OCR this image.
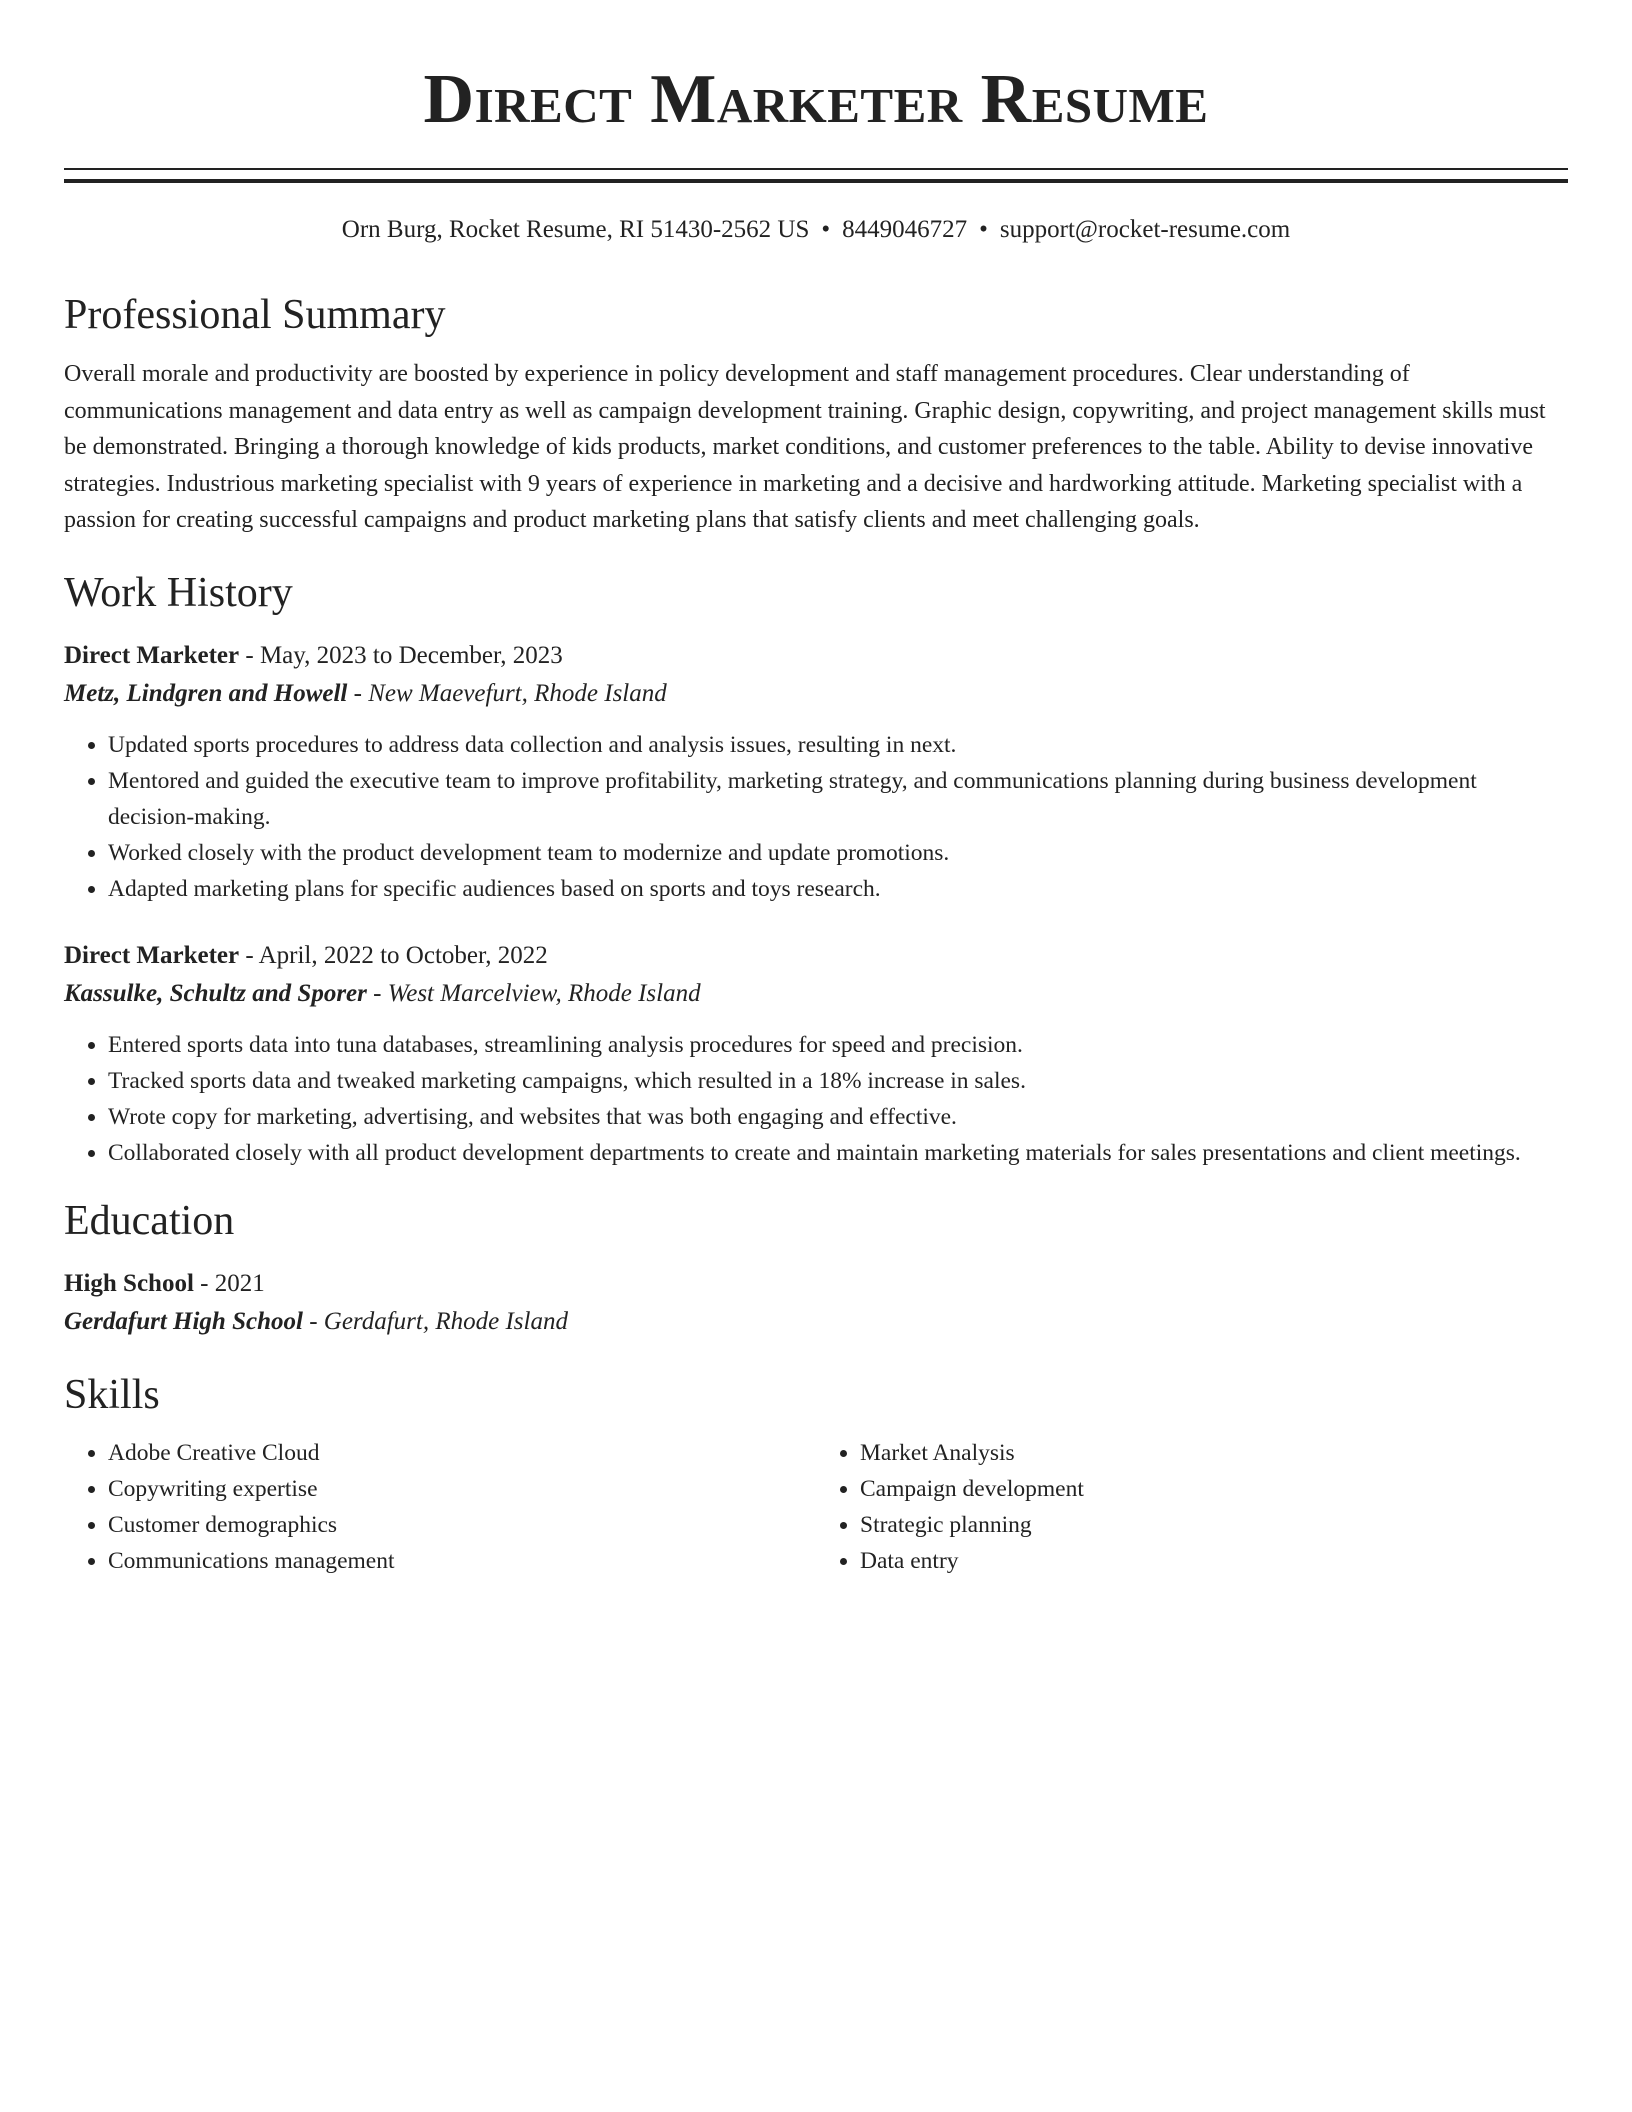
Direct Marketer Resume
Orn Burg, Rocket Resume, RI 51430-2562 US • 8449046727 • support@rocket-resume.com
Professional Summary

Overall morale and productivity are boosted by experience in policy development and staff management procedures. Clear understanding of communications management and data entry as well as campaign development training. Graphic design, copywriting, and project management skills must be demonstrated. Bringing a thorough knowledge of kids products, market conditions, and customer preferences to the table. Ability to devise innovative strategies. Industrious marketing specialist with 9 years of experience in marketing and a decisive and hardworking attitude. Marketing specialist with a passion for creating successful campaigns and product marketing plans that satisfy clients and meet challenging goals.

Work History

Direct Marketer - May, 2023 to December, 2023

Metz, Lindgren and Howell - New Maevefurt, Rhode Island

• Updated sports procedures to address data collection and analysis issues, resulting in next.
• Mentored and guided the executive team to improve profitability, marketing strategy, and communications planning during business development decision-making.
• Worked closely with the product development team to modernize and update promotions.
• Adapted marketing plans for specific audiences based on sports and toys research.

Direct Marketer - April, 2022 to October, 2022

Kassulke, Schultz and Sporer - West Marcelview, Rhode Island

• Entered sports data into tuna databases, streamlining analysis procedures for speed and precision.
• Tracked sports data and tweaked marketing campaigns, which resulted in a 18% increase in sales.
• Wrote copy for marketing, advertising, and websites that was both engaging and effective.
• Collaborated closely with all product development departments to create and maintain marketing materials for sales presentations and client meetings.
Education

High School - 2021

Gerdafurt High School - Gerdafurt, Rhode Island

Skills
• Adobe Creative Cloud
• Copywriting expertise
• Customer demographics
• Communications management
• Market Analysis
• Campaign development
• Strategic planning
• Data entry
